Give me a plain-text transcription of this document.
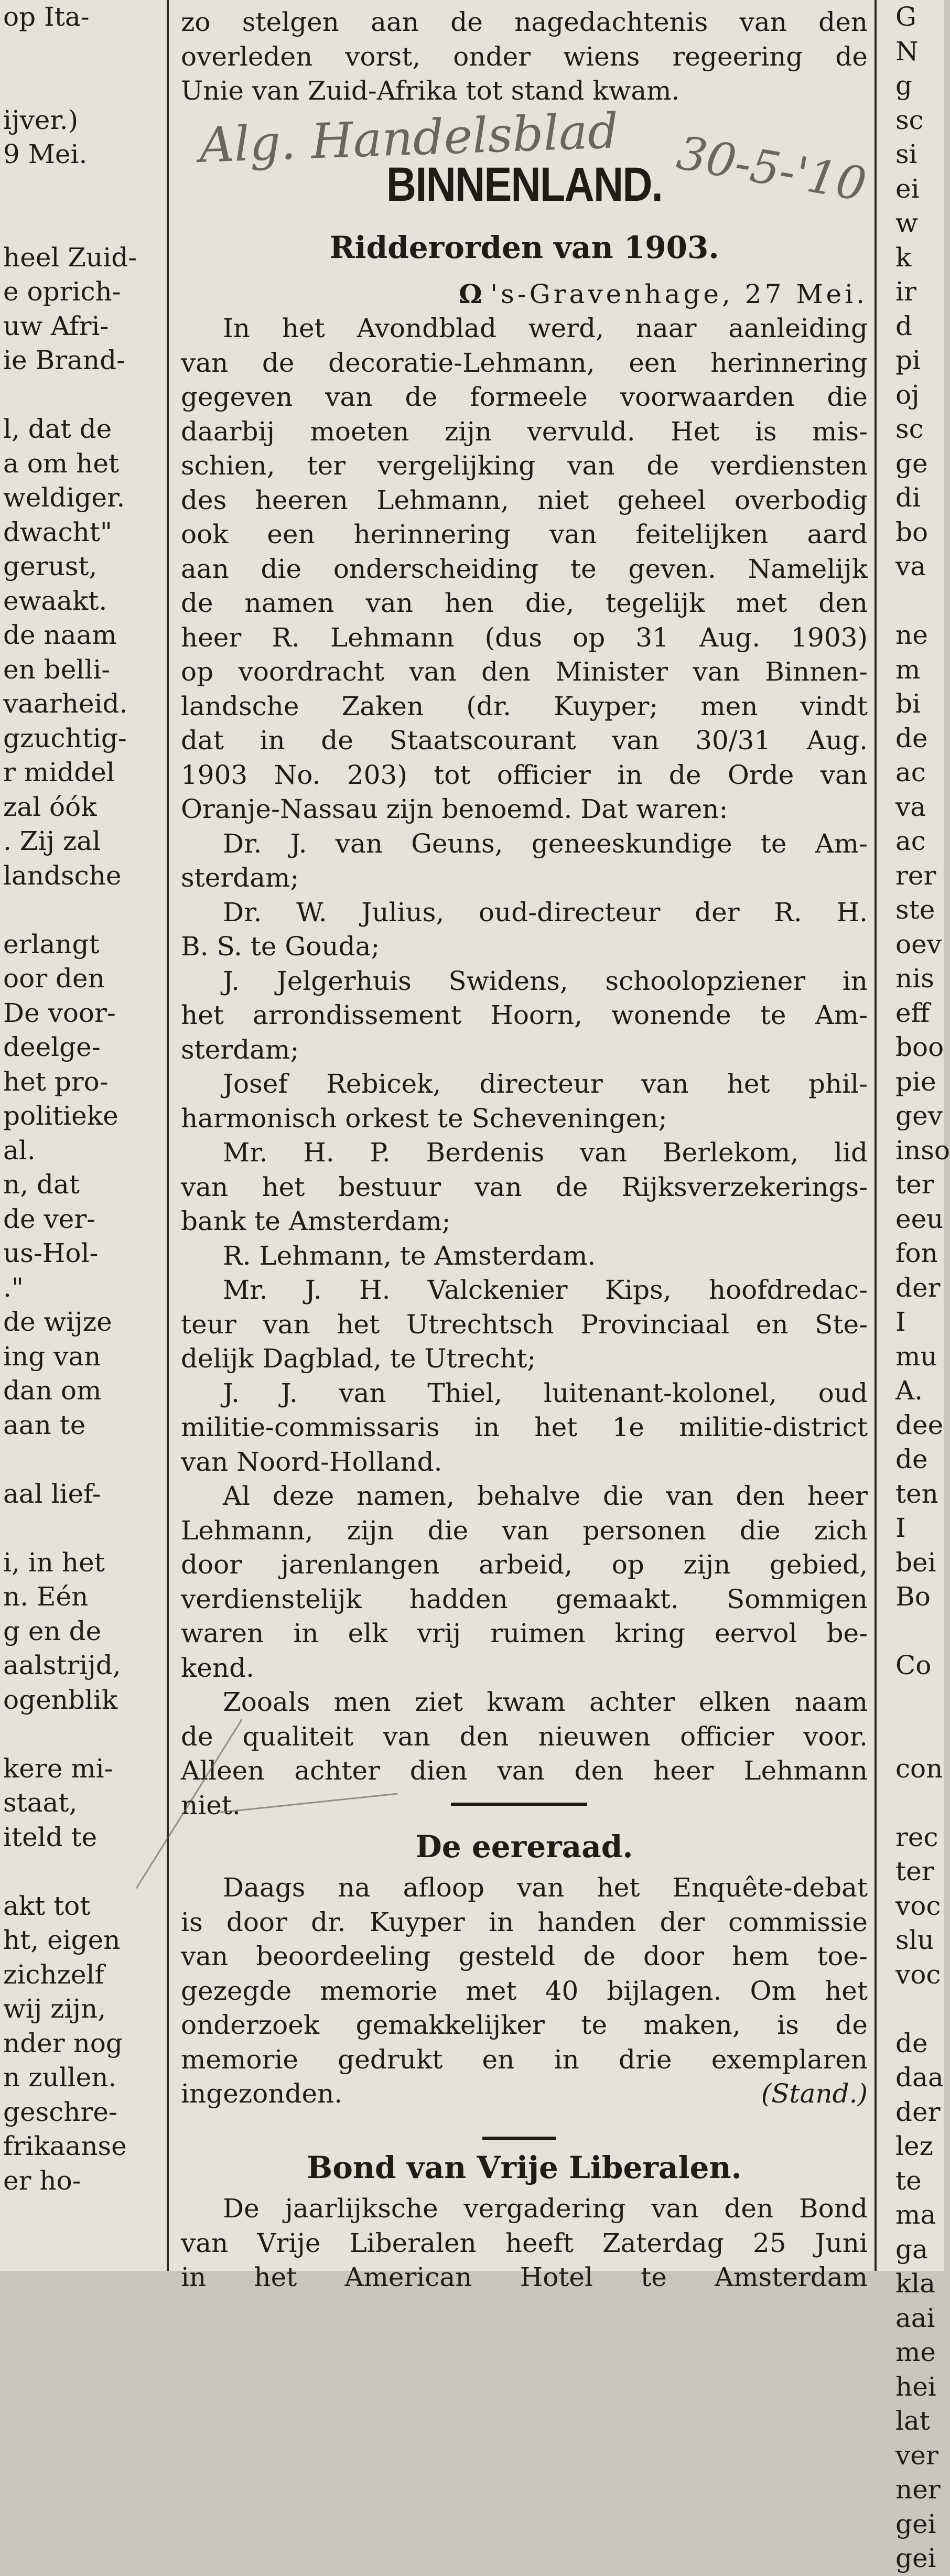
op Ita-
ijver.)
9 Mei.
heel Zuid-
e oprich-
uw Afri-
ie Brand-
l, dat de
a om het
weldiger.
dwacht"
gerust,
ewaakt.
de naam
en belli-
vaarheid.
gzuchtig-
r middel
zal óók
. Zij zal
landsche
erlangt
oor den
De voor-
deelge-
het pro-
politieke
al.
n, dat
de ver-
us-Hol-
."
de wijze
ing van
dan om
aan te
aal lief-
i, in het
n. Eén
g en de
aalstrijd,
ogenblik
kere mi-
staat,
iteld te
akt tot
ht, eigen
zichzelf
wij zijn,
nder nog
n zullen.
geschre-
frikaanse
er ho-
G
N
g
sc
si
ei
w
k
ir
d
pi
oj
sc
ge
di
bo
va
ne
m
bi
de
ac
va
ac
rer
ste
oev
nis
eff
boo
pie
gev
inso
ter
eeu
fon
der
I
mu
A.
dee
de
ten
I
bei
Bo
Co
con
rec
ter
voc
slu
voc
de
daa
der
lez
te
ma
ga
kla
aai
me
hei
lat
ver
ner
gei
gei
zo stelgen aan de nagedachtenis van den
overleden vorst, onder wiens regeering de
Unie van Zuid-Afrika tot stand kwam.
Alg. Handelsblad 30-5-'10
BINNENLAND.
Ridderorden van 1903.
Ω 's-Gravenhage, 27 Mei.
In het Avondblad werd, naar aanleiding
van de decoratie-Lehmann, een herinnering
gegeven van de formeele voorwaarden die
daarbij moeten zijn vervuld. Het is mis-
schien, ter vergelijking van de verdiensten
des heeren Lehmann, niet geheel overbodig
ook een herinnering van feitelijken aard
aan die onderscheiding te geven. Namelijk
de namen van hen die, tegelijk met den
heer R. Lehmann (dus op 31 Aug. 1903)
op voordracht van den Minister van Binnen-
landsche Zaken (dr. Kuyper; men vindt
dat in de Staatscourant van 30/31 Aug.
1903 No. 203) tot officier in de Orde van
Oranje-Nassau zijn benoemd. Dat waren:
Dr. J. van Geuns, geneeskundige te Am-
sterdam;
Dr. W. Julius, oud-directeur der R. H.
B. S. te Gouda;
J. Jelgerhuis Swidens, schoolopziener in
het arrondissement Hoorn, wonende te Am-
sterdam;
Josef Rebicek, directeur van het phil-
harmonisch orkest te Scheveningen;
Mr. H. P. Berdenis van Berlekom, lid
van het bestuur van de Rijksverzekerings-
bank te Amsterdam;
R. Lehmann, te Amsterdam.
Mr. J. H. Valckenier Kips, hoofdredac-
teur van het Utrechtsch Provinciaal en Ste-
delijk Dagblad, te Utrecht;
J. J. van Thiel, luitenant-kolonel, oud
militie-commissaris in het 1e militie-district
van Noord-Holland.
Al deze namen, behalve die van den heer
Lehmann, zijn die van personen die zich
door jarenlangen arbeid, op zijn gebied,
verdienstelijk hadden gemaakt. Sommigen
waren in elk vrij ruimen kring eervol be-
kend.
Zooals men ziet kwam achter elken naam
de qualiteit van den nieuwen officier voor.
Alleen achter dien van den heer Lehmann
niet.
De eereraad.
Daags na afloop van het Enquête-debat
is door dr. Kuyper in handen der commissie
van beoordeeling gesteld de door hem toe-
gezegde memorie met 40 bijlagen. Om het
onderzoek gemakkelijker te maken, is de
memorie gedrukt en in drie exemplaren
ingezonden.	(Stand.)
Bond van Vrije Liberalen.
De jaarlijksche vergadering van den Bond
van Vrije Liberalen heeft Zaterdag 25 Juni
in het American Hotel te Amsterdam
